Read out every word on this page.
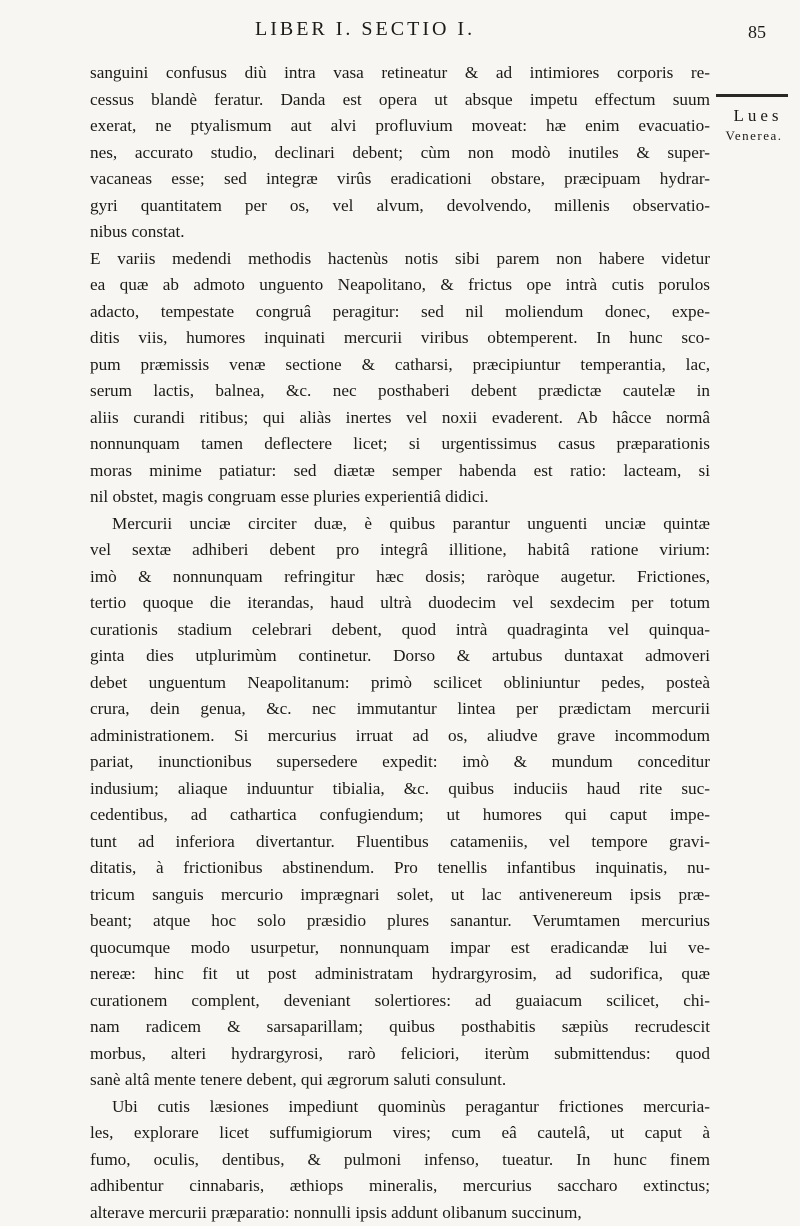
LIBER I. SECTIO I.	85
Lues
Venerea.
sanguini confusus diù intra vasa retineatur & ad intimiores corporis re-
cessus blandè feratur. Danda est opera ut absque impetu effectum suum
exerat, ne ptyalismum aut alvi profluvium moveat: hæ enim evacuatio-
nes, accurato studio, declinari debent; cùm non modò inutiles & super-
vacaneas esse; sed integræ virûs eradicationi obstare, præcipuam hydrar-
gyri quantitatem per os, vel alvum, devolvendo, millenis observatio-
nibus constat.
E variis medendi methodis hactenùs notis sibi parem non habere videtur
ea quæ ab admoto unguento Neapolitano, & frictus ope intrà cutis porulos
adacto, tempestate congruâ peragitur: sed nil moliendum donec, expe-
ditis viis, humores inquinati mercurii viribus obtemperent. In hunc sco-
pum præmissis venæ sectione & catharsi, præcipiuntur temperantia, lac,
serum lactis, balnea, &c. nec posthaberi debent prædictæ cautelæ in
aliis curandi ritibus; qui aliàs inertes vel noxii evaderent. Ab hâcce normâ
nonnunquam tamen deflectere licet; si urgentissimus casus præparationis
moras minime patiatur: sed diætæ semper habenda est ratio: lacteam, si
nil obstet, magis congruam esse pluries experientiâ didici.
Mercurii unciæ circiter duæ, è quibus parantur unguenti unciæ quintæ
vel sextæ adhiberi debent pro integrâ illitione, habitâ ratione virium:
imò & nonnunquam refringitur hæc dosis; raròque augetur. Frictiones,
tertio quoque die iterandas, haud ultrà duodecim vel sexdecim per totum
curationis stadium celebrari debent, quod intrà quadraginta vel quinqua-
ginta dies utplurimùm continetur. Dorso & artubus duntaxat admoveri
debet unguentum Neapolitanum: primò scilicet obliniuntur pedes, posteà
crura, dein genua, &c. nec immutantur lintea per prædictam mercurii
administrationem. Si mercurius irruat ad os, aliudve grave incommodum
pariat, inunctionibus supersedere expedit: imò & mundum conceditur
indusium; aliaque induuntur tibialia, &c. quibus induciis haud rite suc-
cedentibus, ad cathartica confugiendum; ut humores qui caput impe-
tunt ad inferiora divertantur. Fluentibus catameniis, vel tempore gravi-
ditatis, à frictionibus abstinendum. Pro tenellis infantibus inquinatis, nu-
tricum sanguis mercurio imprægnari solet, ut lac antivenereum ipsis præ-
beant; atque hoc solo præsidio plures sanantur. Verumtamen mercurius
quocumque modo usurpetur, nonnunquam impar est eradicandæ lui ve-
nereæ: hinc fit ut post administratam hydrargyrosim, ad sudorifica, quæ
curationem complent, deveniant solertiores: ad guaiacum scilicet, chi-
nam radicem & sarsaparillam; quibus posthabitis sæpiùs recrudescit
morbus, alteri hydrargyrosi, rarò feliciori, iterùm submittendus: quod
sanè altâ mente tenere debent, qui ægrorum saluti consulunt.
Ubi cutis læsiones impediunt quominùs peragantur frictiones mercuria-
les, explorare licet suffumigiorum vires; cum eâ cautelâ, ut caput à
fumo, oculis, dentibus, & pulmoni infenso, tueatur. In hunc finem
adhibentur cinnabaris, æthiops mineralis, mercurius saccharo extinctus;
alterave mercurii præparatio: nonnulli ipsis addunt olibanum succinum,
